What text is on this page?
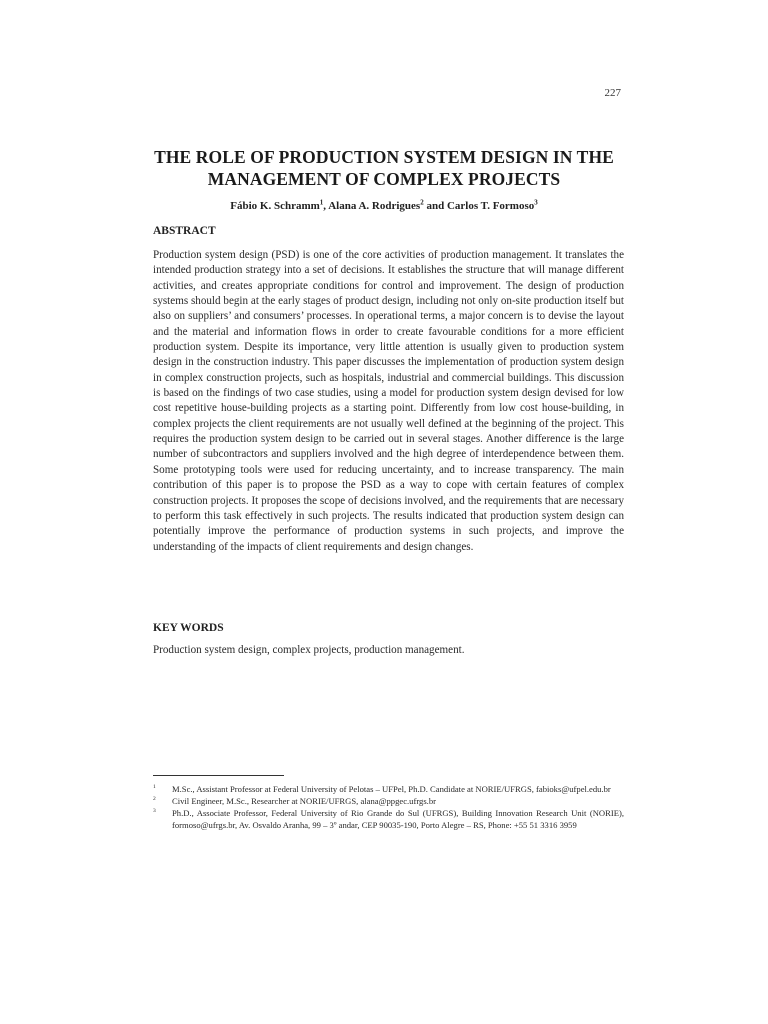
227
THE ROLE OF PRODUCTION SYSTEM DESIGN IN THE MANAGEMENT OF COMPLEX PROJECTS
Fábio K. Schramm$^1$, Alana A. Rodrigues$^2$ and Carlos T. Formoso$^3$
ABSTRACT
Production system design (PSD) is one of the core activities of production management. It translates the intended production strategy into a set of decisions. It establishes the structure that will manage different activities, and creates appropriate conditions for control and improvement. The design of production systems should begin at the early stages of product design, including not only on-site production itself but also on suppliers’ and consumers’ processes. In operational terms, a major concern is to devise the layout and the material and information flows in order to create favourable conditions for a more efficient production system. Despite its importance, very little attention is usually given to production system design in the construction industry. This paper discusses the implementation of production system design in complex construction projects, such as hospitals, industrial and commercial buildings. This discussion is based on the findings of two case studies, using a model for production system design devised for low cost repetitive house-building projects as a starting point. Differently from low cost house-building, in complex projects the client requirements are not usually well defined at the beginning of the project. This requires the production system design to be carried out in several stages. Another difference is the large number of subcontractors and suppliers involved and the high degree of interdependence between them. Some prototyping tools were used for reducing uncertainty, and to increase transparency. The main contribution of this paper is to propose the PSD as a way to cope with certain features of complex construction projects. It proposes the scope of decisions involved, and the requirements that are necessary to perform this task effectively in such projects. The results indicated that production system design can potentially improve the performance of production systems in such projects, and improve the understanding of the impacts of client requirements and design changes.
KEY WORDS
Production system design, complex projects, production management.
1 M.Sc., Assistant Professor at Federal University of Pelotas – UFPel, Ph.D. Candidate at NORIE/UFRGS, fabioks@ufpel.edu.br
2 Civil Engineer, M.Sc., Researcher at NORIE/UFRGS, alana@ppgec.ufrgs.br
3 Ph.D., Associate Professor, Federal University of Rio Grande do Sul (UFRGS), Building Innovation Research Unit (NORIE), formoso@ufrgs.br, Av. Osvaldo Aranha, 99 – 3º andar, CEP 90035-190, Porto Alegre – RS, Phone: +55 51 3316 3959
